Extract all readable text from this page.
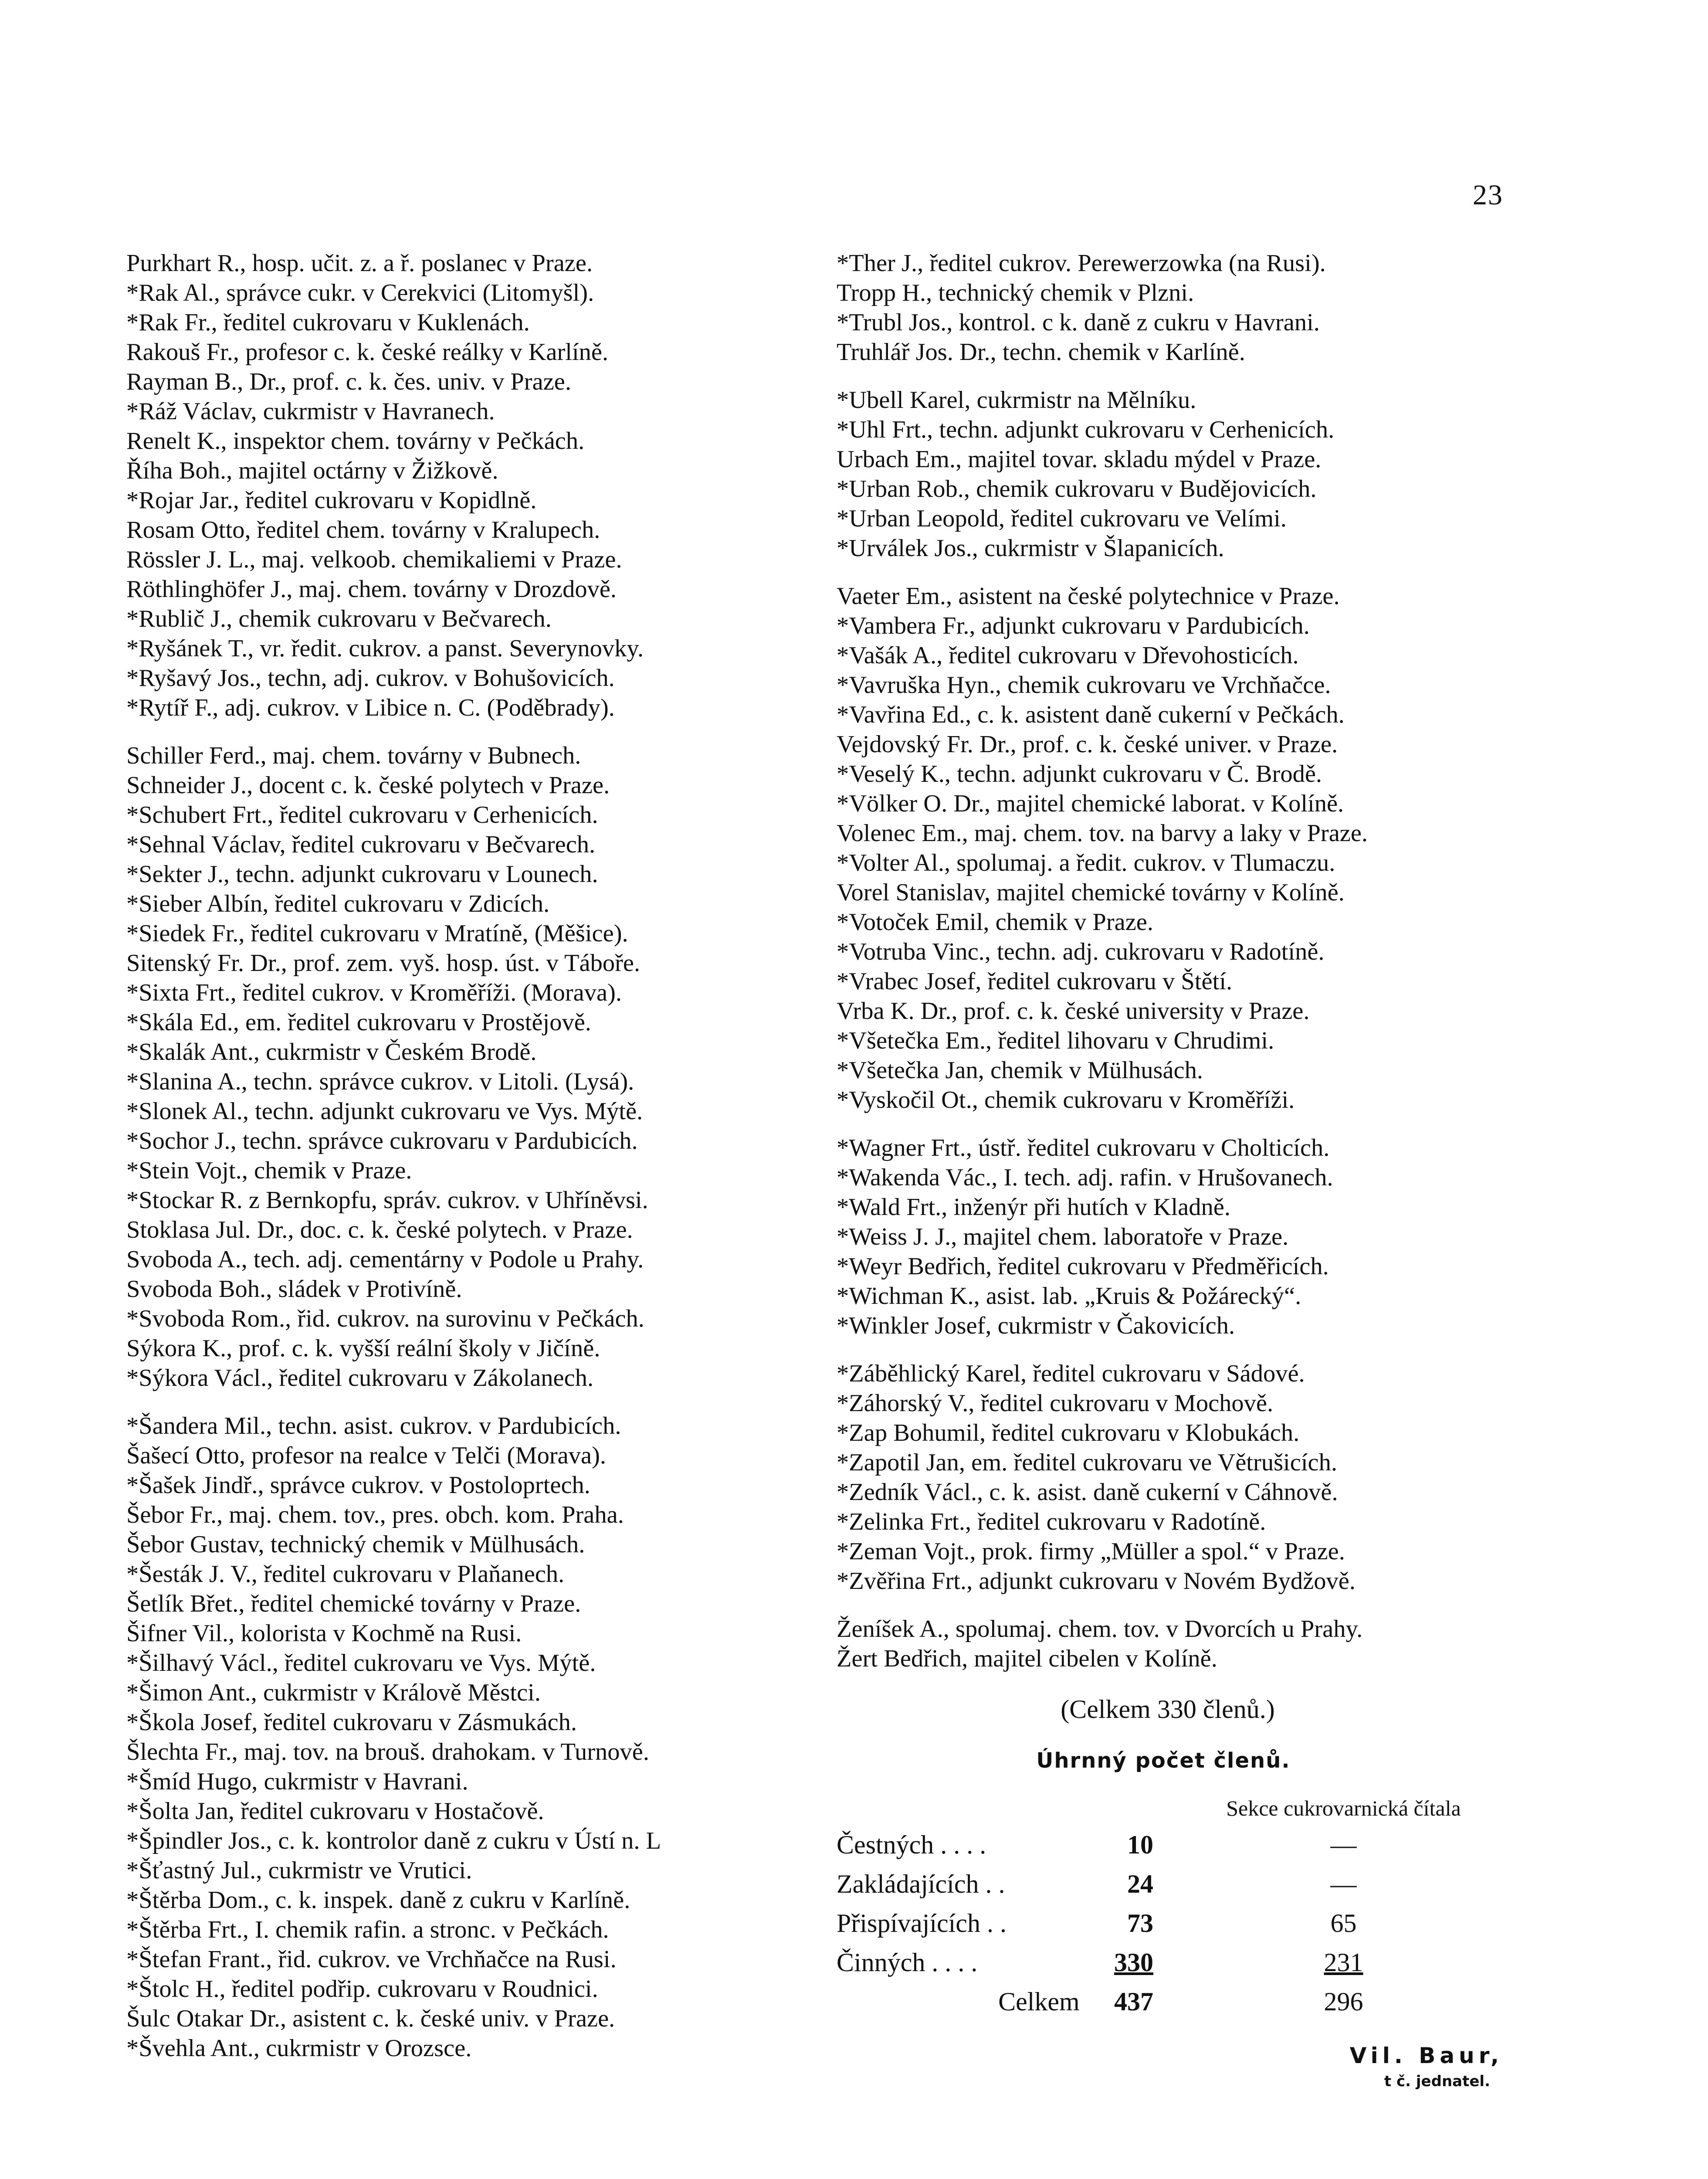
23
Purkhart R., hosp. učit. z. a ř. poslanec v Praze.
*Rak Al., správce cukr. v Cerekvici (Litomyšl).
*Rak Fr., ředitel cukrovaru v Kuklenách.
Rakouš Fr., profesor c. k. české reálky v Karlíně.
Rayman B., Dr., prof. c. k. čes. univ. v Praze.
*Ráž Václav, cukrmistr v Havranech.
Renelt K., inspektor chem. továrny v Pečkách.
Říha Boh., majitel octárny v Žižkově.
*Rojar Jar., ředitel cukrovaru v Kopidlně.
Rosam Otto, ředitel chem. továrny v Kralupech.
Rössler J. L., maj. velkoob. chemikaliemi v Praze.
Röthlinghöfer J., maj. chem. továrny v Drozdově.
*Rublič J., chemik cukrovaru v Bečvarech.
*Ryšánek T., vr. ředit. cukrov. a panst. Severynovky.
*Ryšavý Jos., techn, adj. cukrov. v Bohušovicích.
*Rytíř F., adj. cukrov. v Libice n. C. (Poděbrady).
Schiller Ferd., maj. chem. továrny v Bubnech.
Schneider J., docent c. k. české polytech v Praze.
*Schubert Frt., ředitel cukrovaru v Cerhenicích.
*Sehnal Václav, ředitel cukrovaru v Bečvarech.
*Sekter J., techn. adjunkt cukrovaru v Lounech.
*Sieber Albín, ředitel cukrovaru v Zdicích.
*Siedek Fr., ředitel cukrovaru v Mratíně, (Měšice).
Sitenský Fr. Dr., prof. zem. vyš. hosp. úst. v Táboře.
*Sixta Frt., ředitel cukrov. v Kroměříži. (Morava).
*Skála Ed., em. ředitel cukrovaru v Prostějově.
*Skalák Ant., cukrmistr v Českém Brodě.
*Slanina A., techn. správce cukrov. v Litoli. (Lysá).
*Slonek Al., techn. adjunkt cukrovaru ve Vys. Mýtě.
*Sochor J., techn. správce cukrovaru v Pardubicích.
*Stein Vojt., chemik v Praze.
*Stockar R. z Bernkopfu, správ. cukrov. v Uhříněvsi.
Stoklasa Jul. Dr., doc. c. k. české polytech. v Praze.
Svoboda A., tech. adj. cementárny v Podole u Prahy.
Svoboda Boh., sládek v Protivíně.
*Svoboda Rom., řid. cukrov. na surovinu v Pečkách.
Sýkora K., prof. c. k. vyšší reální školy v Jičíně.
*Sýkora Václ., ředitel cukrovaru v Zákolanech.
*Šandera Mil., techn. asist. cukrov. v Pardubicích.
Šašecí Otto, profesor na realce v Telči (Morava).
*Šašek Jindř., správce cukrov. v Postoloprtech.
Šebor Fr., maj. chem. tov., pres. obch. kom. Praha.
Šebor Gustav, technický chemik v Mülhusách.
*Šesták J. V., ředitel cukrovaru v Plaňanech.
Šetlík Břet., ředitel chemické továrny v Praze.
Šifner Vil., kolorista v Kochmě na Rusi.
*Šilhavý Václ., ředitel cukrovaru ve Vys. Mýtě.
*Šimon Ant., cukrmistr v Králově Městci.
*Škola Josef, ředitel cukrovaru v Zásmukách.
Šlechta Fr., maj. tov. na brouš. drahokam. v Turnově.
*Šmíd Hugo, cukrmistr v Havrani.
*Šolta Jan, ředitel cukrovaru v Hostačově.
*Špindler Jos., c. k. kontrolor daně z cukru v Ústí n. L
*Šťastný Jul., cukrmistr ve Vrutici.
*Štěrba Dom., c. k. inspek. daně z cukru v Karlíně.
*Štěrba Frt., I. chemik rafin. a stronc. v Pečkách.
*Štefan Frant., řid. cukrov. ve Vrchňačce na Rusi.
*Štolc H., ředitel podřip. cukrovaru v Roudnici.
Šulc Otakar Dr., asistent c. k. české univ. v Praze.
*Švehla Ant., cukrmistr v Orozsce.
*Ther J., ředitel cukrov. Perewerzowka (na Rusi).
Tropp H., technický chemik v Plzni.
*Trubl Jos., kontrol. c k. daně z cukru v Havrani.
Truhlář Jos. Dr., techn. chemik v Karlíně.
*Ubell Karel, cukrmistr na Mělníku.
*Uhl Frt., techn. adjunkt cukrovaru v Cerhenicích.
Urbach Em., majitel tovar. skladu mýdel v Praze.
*Urban Rob., chemik cukrovaru v Budějovicích.
*Urban Leopold, ředitel cukrovaru ve Velími.
*Urválek Jos., cukrmistr v Šlapanicích.
Vaeter Em., asistent na české polytechnice v Praze.
*Vambera Fr., adjunkt cukrovaru v Pardubicích.
*Vašák A., ředitel cukrovaru v Dřevohosticích.
*Vavruška Hyn., chemik cukrovaru ve Vrchňačce.
*Vavřina Ed., c. k. asistent daně cukerní v Pečkách.
Vejdovský Fr. Dr., prof. c. k. české univer. v Praze.
*Veselý K., techn. adjunkt cukrovaru v Č. Brodě.
*Völker O. Dr., majitel chemické laborat. v Kolíně.
Volenec Em., maj. chem. tov. na barvy a laky v Praze.
*Volter Al., spolumaj. a ředit. cukrov. v Tlumaczu.
Vorel Stanislav, majitel chemické továrny v Kolíně.
*Votoček Emil, chemik v Praze.
*Votruba Vinc., techn. adj. cukrovaru v Radotíně.
*Vrabec Josef, ředitel cukrovaru v Štětí.
Vrba K. Dr., prof. c. k. české university v Praze.
*Všetečka Em., ředitel lihovaru v Chrudimi.
*Všetečka Jan, chemik v Mülhusách.
*Vyskočil Ot., chemik cukrovaru v Kroměříži.
*Wagner Frt., ústř. ředitel cukrovaru v Cholticích.
*Wakenda Vác., I. tech. adj. rafin. v Hrušovanech.
*Wald Frt., inženýr při hutích v Kladně.
*Weiss J. J., majitel chem. laboratoře v Praze.
*Weyr Bedřich, ředitel cukrovaru v Předměřicích.
*Wichman K., asist. lab. „Kruis & Požárecký“.
*Winkler Josef, cukrmistr v Čakovicích.
*Záběhlický Karel, ředitel cukrovaru v Sádové.
*Záhorský V., ředitel cukrovaru v Mochově.
*Zap Bohumil, ředitel cukrovaru v Klobukách.
*Zapotil Jan, em. ředitel cukrovaru ve Větrušicích.
*Zedník Václ., c. k. asist. daně cukerní v Cáhnově.
*Zelinka Frt., ředitel cukrovaru v Radotíně.
*Zeman Vojt., prok. firmy „Müller a spol.“ v Praze.
*Zvěřina Frt., adjunkt cukrovaru v Novém Bydžově.
Ženíšek A., spolumaj. chem. tov. v Dvorcích u Prahy.
Žert Bedřich, majitel cibelen v Kolíně.
(Celkem 330 členů.)
Úhrnný počet členů.
		Sekce cukrovarnická čítala
Čestných . . . .	10	—
Zakládajících . .	24	—
Přispívajících . .	73	65
Činných . . . .	330	231
Celkem	437	296
Vil. Baur,
t č. jednatel.
